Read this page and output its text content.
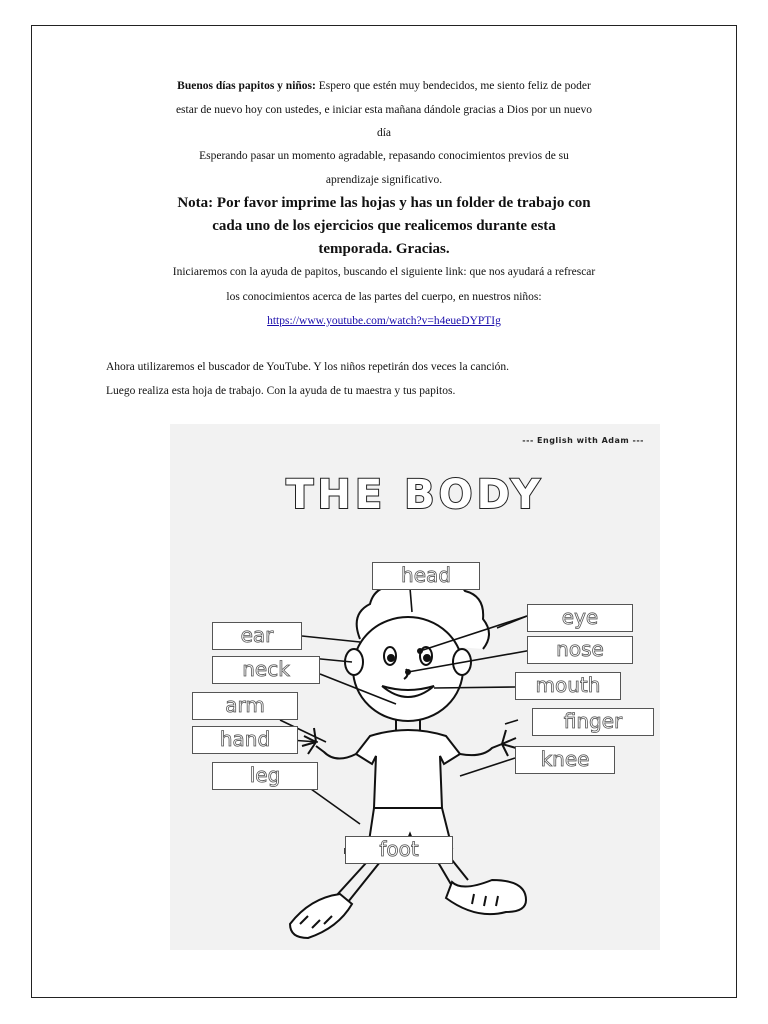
Buenos días papitos y niños: Espero que estén muy bendecidos, me siento feliz de poder
estar de nuevo hoy con ustedes, e iniciar esta mañana dándole gracias a Dios por un nuevo
día
Esperando pasar un momento agradable, repasando conocimientos previos de su
aprendizaje significativo.
Nota: Por favor imprime las hojas y has un folder de trabajo con
cada uno de los ejercicios que realicemos durante esta
temporada. Gracias.
Iniciaremos con la ayuda de papitos, buscando el siguiente link: que nos ayudará a refrescar
los conocimientos acerca de las partes del cuerpo, en nuestros niños:
https://www.youtube.com/watch?v=h4eueDYPTIg
Ahora utilizaremos el buscador de YouTube. Y los niños repetirán dos veces la canción.
Luego realiza esta hoja de trabajo. Con la ayuda de tu maestra y tus papitos.
--- English with Adam ---
THE BODY
head
eye
ear
nose
neck
mouth
arm
finger
hand
knee
leg
foot
